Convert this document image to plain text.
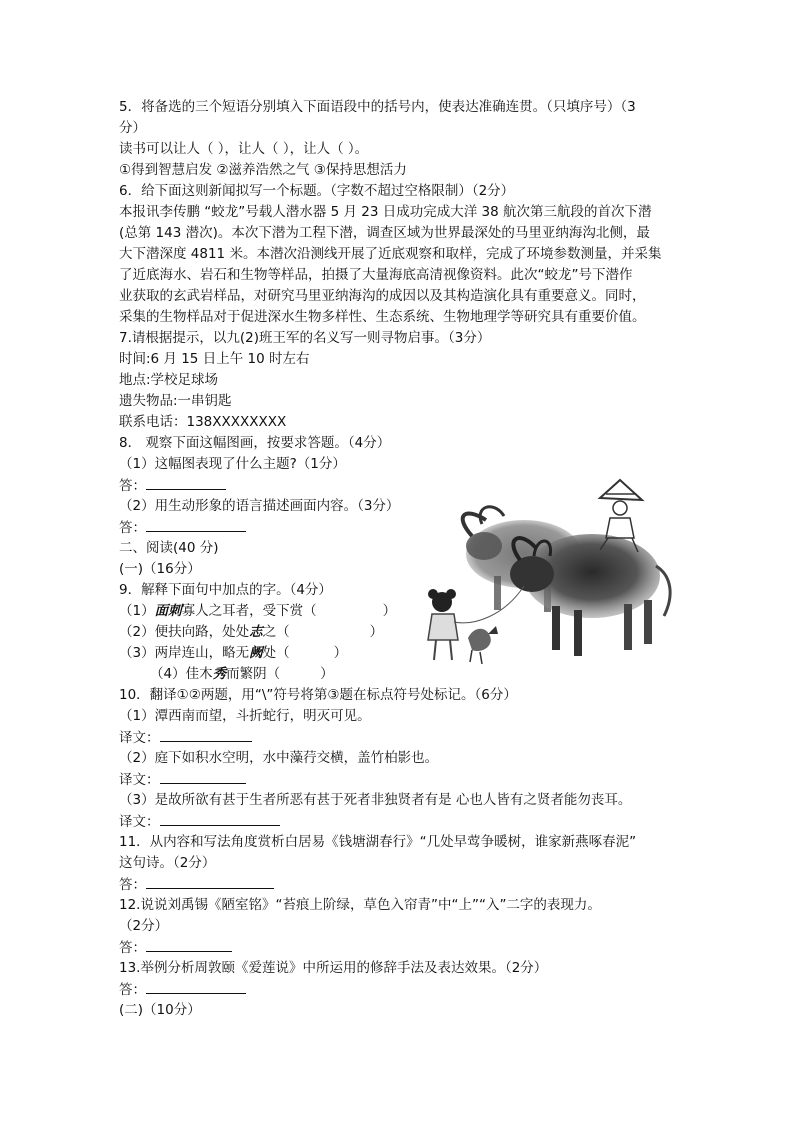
5．将备选的三个短语分别填入下面语段中的括号内，使表达准确连贯。（只填序号）（3
分）
读书可以让人（ ），让人（ ），让人（ ）。
①得到智慧启发 ②滋养浩然之气 ③保持思想活力
6．给下面这则新闻拟写一个标题。（字数不超过空格限制）（2分）
本报讯李传鹏 “蛟龙”号载人潜水器 5 月 23 日成功完成大洋 38 航次第三航段的首次下潜
(总第 143 潜次)。本次下潜为工程下潜，调查区域为世界最深处的马里亚纳海沟北侧，最
大下潜深度 4811 米。本潜次沿测线开展了近底观察和取样，完成了环境参数测量，并采集
了近底海水、岩石和生物等样品，拍摄了大量海底高清视像资料。此次“蛟龙”号下潜作
业获取的玄武岩样品，对研究马里亚纳海沟的成因以及其构造演化具有重要意义。同时，
采集的生物样品对于促进深水生物多样性、生态系统、生物地理学等研究具有重要价值。
7.请根据提示，以九(2)班王军的名义写一则寻物启事。（3分）
时间:6 月 15 日上午 10 时左右
地点:学校足球场
遗失物品:一串钥匙
联系电话：138XXXXXXXX
8． 观察下面这幅图画，按要求答题。（4分）
（1）这幅图表现了什么主题?（1分）
答：
（2）用生动形象的语言描述画面内容。（3分）
答：
二、阅读(40 分)
(一)（16分）
9．解释下面句中加点的字。（4分）
（1）面刺寡人之耳者，受下赏（	）
（2）便扶向路，处处志之（	）
（3）两岸连山，略无阙处（	）
（4）佳木秀而繁阴（	）
10．翻译①②两题，用“\”符号将第③题在标点符号处标记。（6分）
（1）潭西南而望，斗折蛇行，明灭可见。
译文：
（2）庭下如积水空明，水中藻荇交横，盖竹柏影也。
译文：
（3）是故所欲有甚于生者所恶有甚于死者非独贤者有是 心也人皆有之贤者能勿丧耳。
译文：
11．从内容和写法角度赏析白居易《钱塘湖春行》“几处早莺争暖树，谁家新燕啄春泥”
这句诗。（2分）
答：
12.说说刘禹锡《陋室铭》“苔痕上阶绿，草色入帘青”中“上”“入”二字的表现力。
（2分）
答：
13.举例分析周敦颐《爱莲说》中所运用的修辞手法及表达效果。（2分）
答：
(二)（10分）
